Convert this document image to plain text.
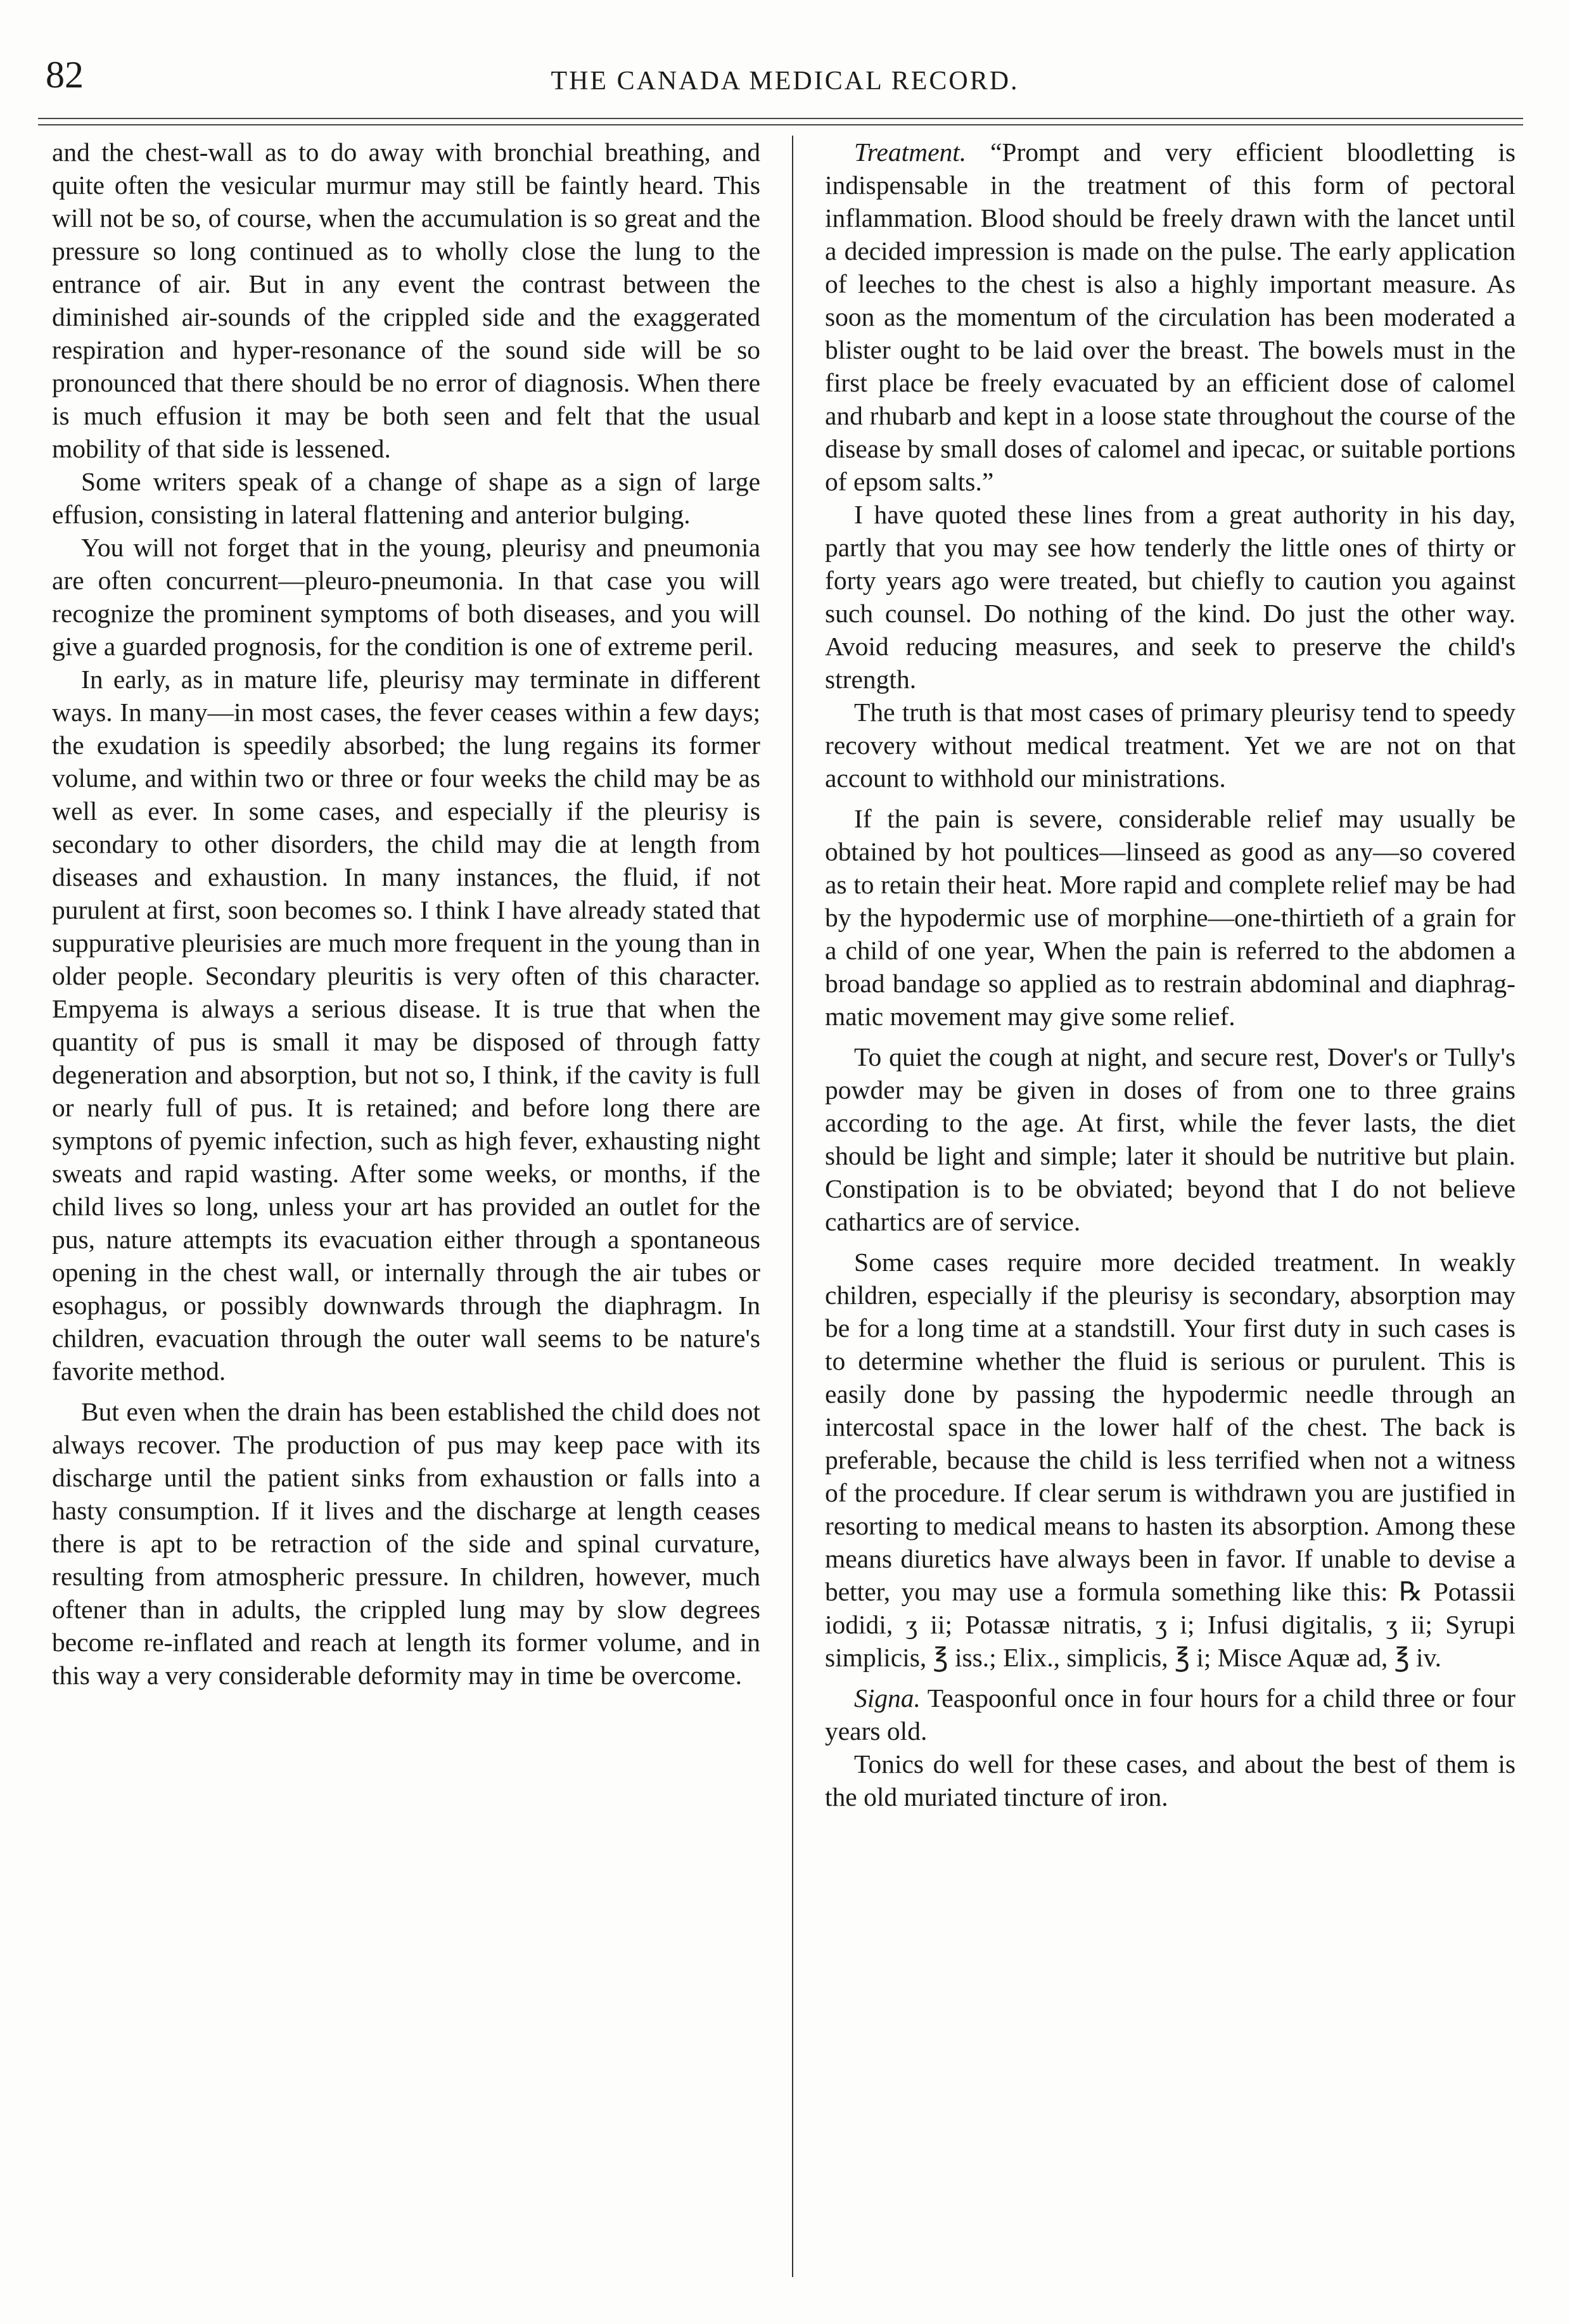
82	THE CANADA MEDICAL RECORD.

and the chest-wall as to do away with bronchial breathing, and quite often the vesicular murmur may still be faintly heard. This will not be so, of course, when the accumulation is so great and the pressure so long continued as to wholly close the lung to the entrance of air. But in any event the contrast between the diminished air-sounds of the crippled side and the exaggerated respiration and hyper-resonance of the sound side will be so pronounced that there should be no error of diagnosis. When there is much effusion it may be both seen and felt that the usual mobility of that side is lessened.

Some writers speak of a change of shape as a sign of large effusion, consisting in lateral flattening and anterior bulging.

You will not forget that in the young, pleurisy and pneumonia are often concurrent—pleuro-pneumonia. In that case you will recognize the prominent symptoms of both diseases, and you will give a guarded prognosis, for the condition is one of extreme peril.

In early, as in mature life, pleurisy may terminate in different ways. In many—in most cases, the fever ceases within a few days; the exudation is speedily absorbed; the lung regains its former volume, and within two or three or four weeks the child may be as well as ever. In some cases, and especially if the pleurisy is secondary to other disorders, the child may die at length from diseases and exhaustion. In many instances, the fluid, if not purulent at first, soon becomes so. I think I have already stated that suppurative pleurisies are much more frequent in the young than in older people. Secondary pleuritis is very often of this character. Empyema is always a serious disease. It is true that when the quantity of pus is small it may be disposed of through fatty degeneration and absorption, but not so, I think, if the cavity is full or nearly full of pus. It is retained; and before long there are symptons of pyemic infection, such as high fever, exhausting night sweats and rapid wasting. After some weeks, or months, if the child lives so long, unless your art has provided an outlet for the pus, nature attempts its evacuation either through a spontaneous opening in the chest wall, or internally through the air tubes or esophagus, or possibly downwards through the diaphragm. In children, evacuation through the outer wall seems to be nature's favorite method.

But even when the drain has been established the child does not always recover. The production of pus may keep pace with its discharge until the patient sinks from exhaustion or falls into a hasty consumption. If it lives and the discharge at length ceases there is apt to be retraction of the side and spinal curvature, resulting from atmospheric pressure. In children, however, much oftener than in adults, the crippled lung may by slow degrees become re-inflated and reach at length its former volume, and in this way a very considerable deformity may in time be overcome.

Treatment. “Prompt and very efficient bloodletting is indispensable in the treatment of this form of pectoral inflammation. Blood should be freely drawn with the lancet until a decided impression is made on the pulse. The early application of leeches to the chest is also a highly important measure. As soon as the momentum of the circulation has been moderated a blister ought to be laid over the breast. The bowels must in the first place be freely evacuated by an efficient dose of calomel and rhubarb and kept in a loose state throughout the course of the disease by small doses of calomel and ipecac, or suitable portions of epsom salts.”

I have quoted these lines from a great authority in his day, partly that you may see how tenderly the little ones of thirty or forty years ago were treated, but chiefly to caution you against such counsel. Do nothing of the kind. Do just the other way. Avoid reducing measures, and seek to preserve the child's strength.

The truth is that most cases of primary pleurisy tend to speedy recovery without medical treatment. Yet we are not on that account to withhold our ministrations.

If the pain is severe, considerable relief may usually be obtained by hot poultices—linseed as good as any—so covered as to retain their heat. More rapid and complete relief may be had by the hypodermic use of morphine—one-thirtieth of a grain for a child of one year, When the pain is referred to the abdomen a broad bandage so applied as to restrain abdominal and diaphragmatic movement may give some relief.

To quiet the cough at night, and secure rest, Dover's or Tully's powder may be given in doses of from one to three grains according to the age. At first, while the fever lasts, the diet should be light and simple; later it should be nutritive but plain. Constipation is to be obviated; beyond that I do not believe cathartics are of service.

Some cases require more decided treatment. In weakly children, especially if the pleurisy is secondary, absorption may be for a long time at a standstill. Your first duty in such cases is to determine whether the fluid is serious or purulent. This is easily done by passing the hypodermic needle through an intercostal space in the lower half of the chest. The back is preferable, because the child is less terrified when not a witness of the procedure. If clear serum is withdrawn you are justified in resorting to medical means to hasten its absorption. Among these means diuretics have always been in favor. If unable to devise a better, you may use a formula something like this: ℞ Potassii iodidi, ʒ ii; Potassæ nitratis, ʒ i; Infusi digitalis, ʒ ii; Syrupi simplicis, ℥ iss.; Elix., simplicis, ℥ i; Misce Aquæ ad, ℥ iv.

Signa. Teaspoonful once in four hours for a child three or four years old.

Tonics do well for these cases, and about the best of them is the old muriated tincture of iron.
